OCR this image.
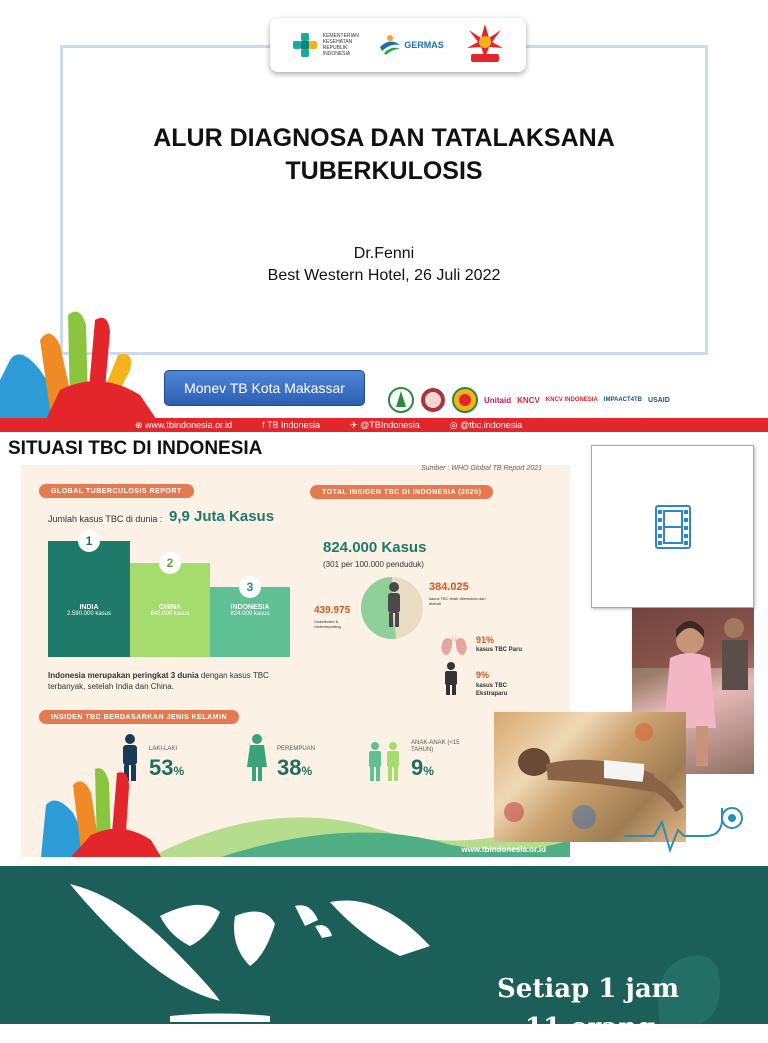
KEMENTERIAN KESEHATAN REPUBLIK INDONESIA
GERMAS
ALUR DIAGNOSA DAN TATALAKSANA
TUBERKULOSIS
Dr.Fenni
Best Western Hotel, 26 Juli 2022
Monev TB Kota Makassar
Unitaid KNCV KNCV INDONESIA IMPAACT4TB USAID
⊕ www.tbindonesia.or.id	f TB Indonesia	✈ @TBIndonesia	◎ @tbc.indonesia
SITUASI TBC DI INDONESIA
Sumber : WHO Global TB Report 2021
GLOBAL TUBERCULOSIS REPORT
Jumlah kasus TBC di dunia : 9,9 Juta Kasus
1
INDIA
2.590.000 kasus
2
CHINA
842.000 kasus
3
INDONESIA
824.000 kasus
Indonesia merupakan peringkat 3 dunia dengan kasus TBC terbanyak, setelah India dan China.
TOTAL INSIDEN TBC DI INDONESIA (2020)
824.000 Kasus
(301 per 100.000 penduduk)
384.025
kasus TBC telah ditemukan dan diobati
439.975
Undetected & Underreporting
91%
kasus TBC Paru
9%
kasus TBC Ekstraparu
INSIDEN TBC BERDASARKAN JENIS KELAMIN
LAKI-LAKI
53%
PEREMPUAN
38%
ANAK-ANAK (<15 TAHUN)
9%
www.tbindonesia.or.id
Setiap 1 jam
11 orang
